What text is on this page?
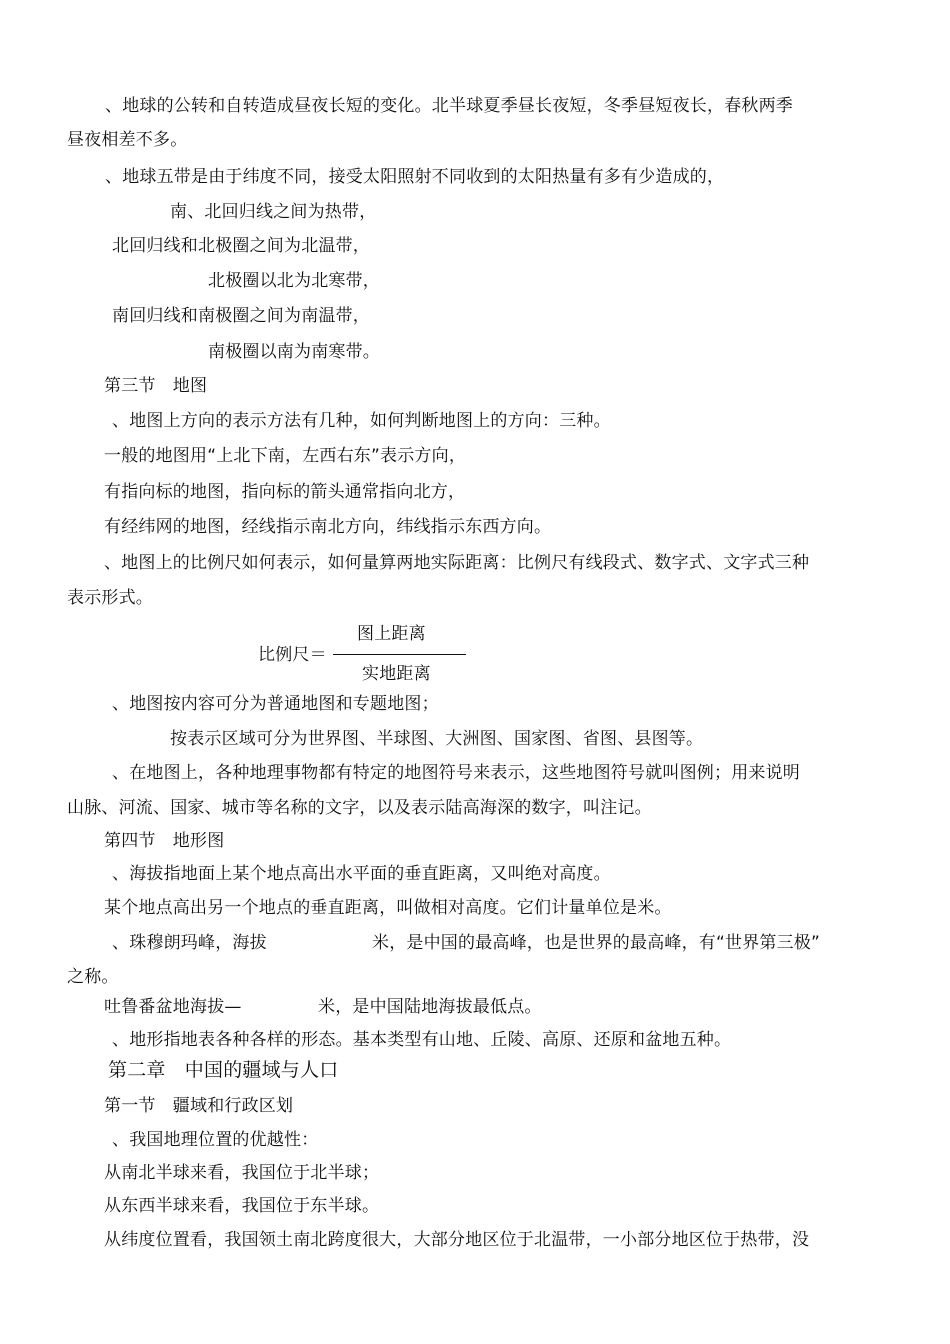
、地球的公转和自转造成昼夜长短的变化。北半球夏季昼长夜短，冬季昼短夜长，春秋两季
昼夜相差不多。
、地球五带是由于纬度不同，接受太阳照射不同收到的太阳热量有多有少造成的，
南、北回归线之间为热带，
北回归线和北极圈之间为北温带，
北极圈以北为北寒带，
南回归线和南极圈之间为南温带，
南极圈以南为南寒带。
第三节　地图
、地图上方向的表示方法有几种，如何判断地图上的方向：三种。
一般的地图用“上北下南，左西右东”表示方向，
有指向标的地图，指向标的箭头通常指向北方，
有经纬网的地图，经线指示南北方向，纬线指示东西方向。
、地图上的比例尺如何表示，如何量算两地实际距离：比例尺有线段式、数字式、文字式三种
表示形式。
图上距离
比例尺＝
实地距离
、地图按内容可分为普通地图和专题地图；
按表示区域可分为世界图、半球图、大洲图、国家图、省图、县图等。
、在地图上，各种地理事物都有特定的地图符号来表示，这些地图符号就叫图例；用来说明
山脉、河流、国家、城市等名称的文字，以及表示陆高海深的数字，叫注记。
第四节　地形图
、海拔指地面上某个地点高出水平面的垂直距离，又叫绝对高度。
某个地点高出另一个地点的垂直距离，叫做相对高度。它们计量单位是米。
、珠穆朗玛峰，海拔	米，是中国的最高峰，也是世界的最高峰，有“世界第三极”
之称。
吐鲁番盆地海拔—	米，是中国陆地海拔最低点。
、地形指地表各种各样的形态。基本类型有山地、丘陵、高原、还原和盆地五种。
第二章　中国的疆域与人口
第一节　疆域和行政区划
、我国地理位置的优越性：
从南北半球来看，我国位于北半球；
从东西半球来看，我国位于东半球。
从纬度位置看，我国领土南北跨度很大，大部分地区位于北温带，一小部分地区位于热带，没
